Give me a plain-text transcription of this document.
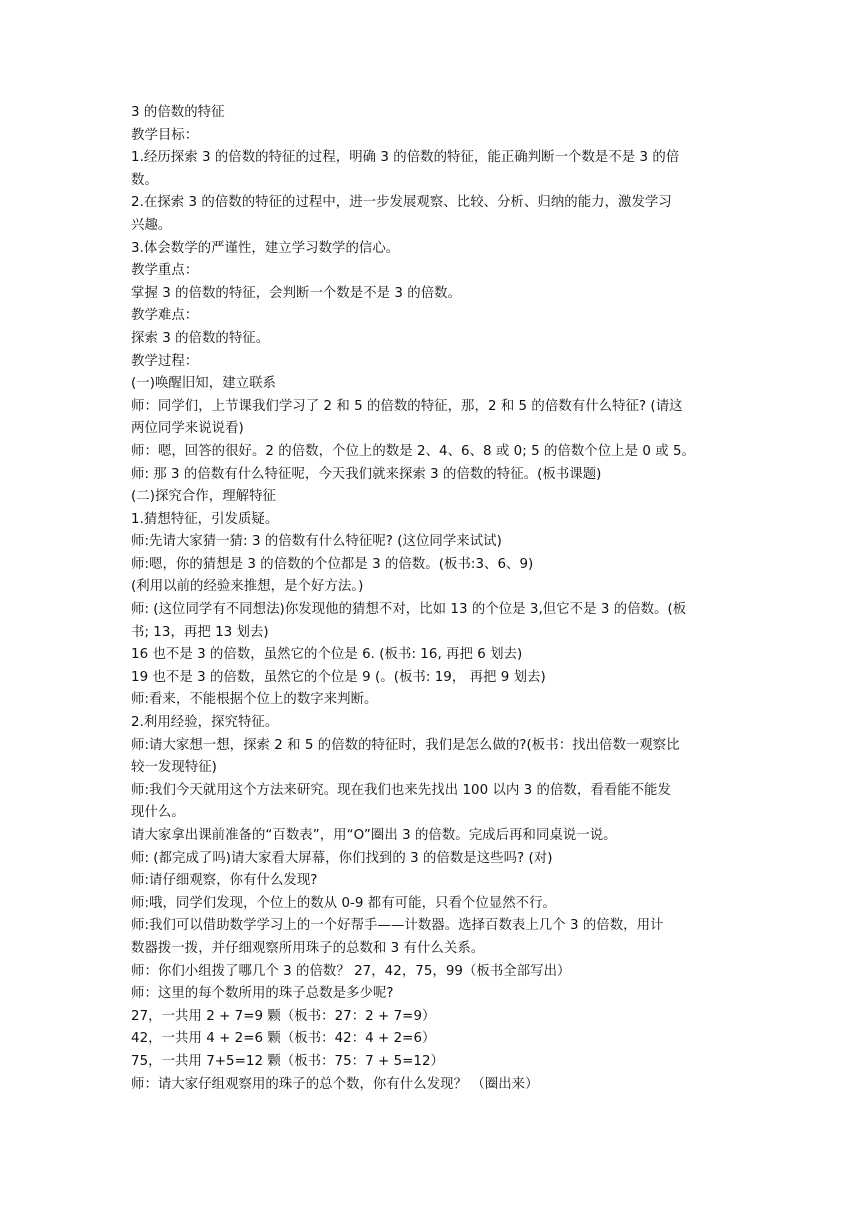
3 的倍数的特征

教学目标：

1.经历探索 3 的倍数的特征的过程，明确 3 的倍数的特征，能正确判断一个数是不是 3 的倍

数。

2.在探索 3 的倍数的特征的过程中，进一步发展观察、比较、分析、归纳的能力，激发学习

兴趣。

3.体会数学的严谨性，建立学习数学的信心。

教学重点：

掌握 3 的倍数的特征，会判断一个数是不是 3 的倍数。

教学难点：

探索 3 的倍数的特征。

教学过程：

(一)唤醒旧知，建立联系

师：同学们，上节课我们学习了 2 和 5 的倍数的特征，那，2 和 5 的倍数有什么特征? (请这

两位同学来说说看)

师：嗯，回答的很好。2 的倍数，个位上的数是 2、4、6、8 或 0; 5 的倍数个位上是 0 或 5。

师: 那 3 的倍数有什么特征呢，今天我们就来探索 3 的倍数的特征。(板书课题)

(二)探究合作，理解特征

1.猜想特征，引发质疑。

师:先请大家猜一猜: 3 的倍数有什么特征呢? (这位同学来试试)

师:嗯，你的猜想是 3 的倍数的个位都是 3 的倍数。(板书:3、6、9)

(利用以前的经验来推想，是个好方法。)

师: (这位同学有不同想法)你发现他的猜想不对，比如 13 的个位是 3,但它不是 3 的倍数。(板

书; 13，再把 13 划去)

16 也不是 3 的倍数，虽然它的个位是 6. (板书: 16, 再把 6 划去)

19 也不是 3 的倍数，虽然它的个位是 9 (。(板书: 19， 再把 9 划去)

师:看来，不能根据个位上的数字来判断。

2.利用经验，探究特征。

师:请大家想一想，探索 2 和 5 的倍数的特征时，我们是怎么做的?(板书：找出倍数一观察比

较一发现特征)

师:我们今天就用这个方法来研究。现在我们也来先找出 100 以内 3 的倍数，看看能不能发

现什么。

请大家拿出课前准备的“百数表”，用“O”圈出 3 的倍数。完成后再和同桌说一说。

师: (都完成了吗)请大家看大屏幕，你们找到的 3 的倍数是这些吗? (对)

师:请仔细观察，你有什么发现?

师:哦，同学们发现，个位上的数从 0-9 都有可能，只看个位显然不行。

师:我们可以借助数学学习上的一个好帮手——计数器。选择百数表上几个 3 的倍数，用计

数器拨一拨，并仔细观察所用珠子的总数和 3 有什么关系。

师：你们小组拨了哪几个 3 的倍数？ 27，42，75，99（板书全部写出）

师：这里的每个数所用的珠子总数是多少呢?

27，一共用 2 + 7=9 颗（板书：27：2 + 7=9）

42，一共用 4 + 2=6 颗（板书：42：4 + 2=6）

75，一共用 7+5=12 颗（板书：75：7 + 5=12）

师：请大家仔组观察用的珠子的总个数，你有什么发现？ （圈出来）
